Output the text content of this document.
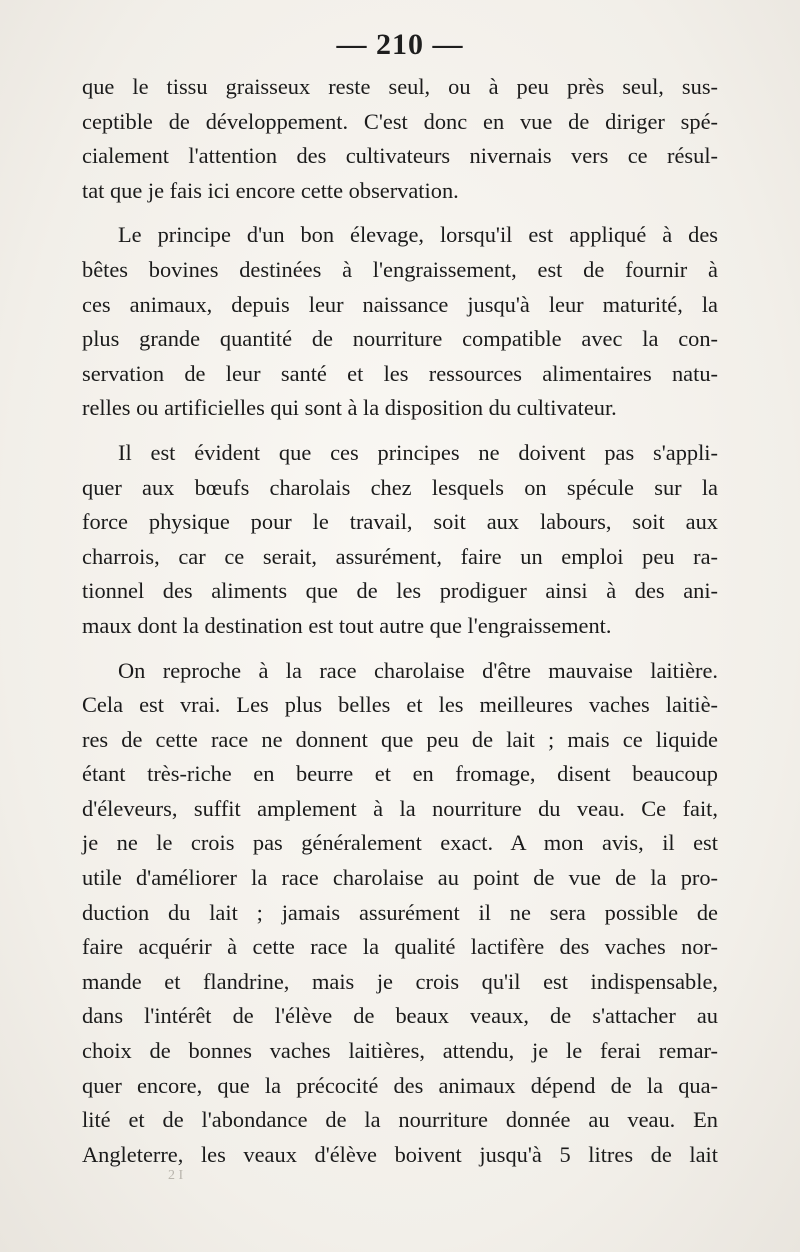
— 210 —
que le tissu graisseux reste seul, ou à peu près seul, sus-
ceptible de développement. C'est donc en vue de diriger spé-
cialement l'attention des cultivateurs nivernais vers ce résul-
tat que je fais ici encore cette observation.
Le principe d'un bon élevage, lorsqu'il est appliqué à des
bêtes bovines destinées à l'engraissement, est de fournir à
ces animaux, depuis leur naissance jusqu'à leur maturité, la
plus grande quantité de nourriture compatible avec la con-
servation de leur santé et les ressources alimentaires natu-
relles ou artificielles qui sont à la disposition du cultivateur.
Il est évident que ces principes ne doivent pas s'appli-
quer aux bœufs charolais chez lesquels on spécule sur la
force physique pour le travail, soit aux labours, soit aux
charrois, car ce serait, assurément, faire un emploi peu ra-
tionnel des aliments que de les prodiguer ainsi à des ani-
maux dont la destination est tout autre que l'engraissement.
On reproche à la race charolaise d'être mauvaise laitière.
Cela est vrai. Les plus belles et les meilleures vaches laitiè-
res de cette race ne donnent que peu de lait ; mais ce liquide
étant très-riche en beurre et en fromage, disent beaucoup
d'éleveurs, suffit amplement à la nourriture du veau. Ce fait,
je ne le crois pas généralement exact. A mon avis, il est
utile d'améliorer la race charolaise au point de vue de la pro-
duction du lait ; jamais assurément il ne sera possible de
faire acquérir à cette race la qualité lactifère des vaches nor-
mande et flandrine, mais je crois qu'il est indispensable,
dans l'intérêt de l'élève de beaux veaux, de s'attacher au
choix de bonnes vaches laitières, attendu, je le ferai remar-
quer encore, que la précocité des animaux dépend de la qua-
lité et de l'abondance de la nourriture donnée au veau. En
Angleterre, les veaux d'élève boivent jusqu'à 5 litres de lait
2 I
